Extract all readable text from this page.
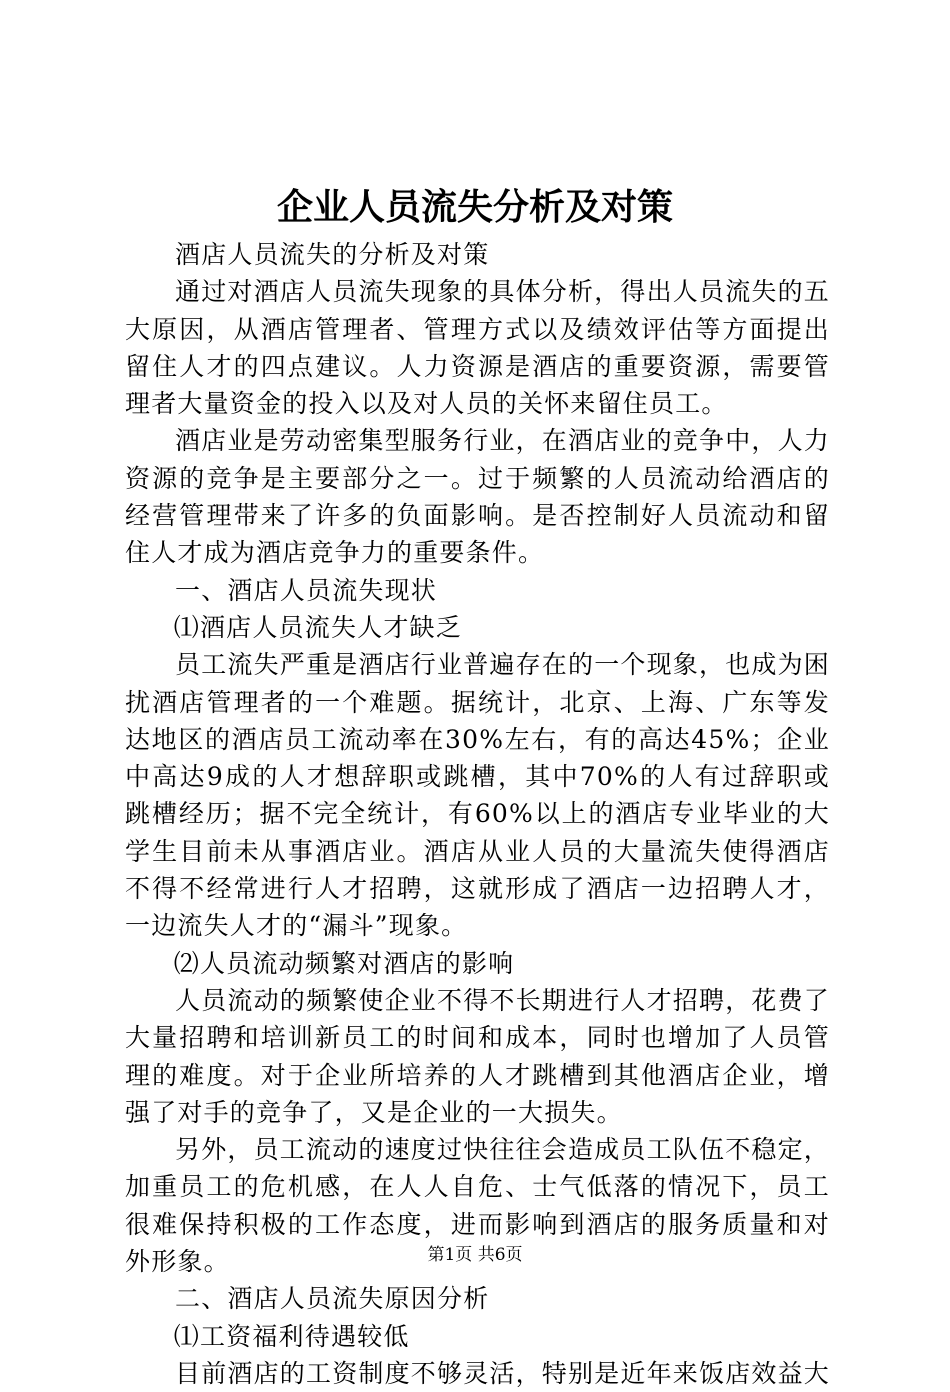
企业人员流失分析及对策

酒店人员流失的分析及对策

通过对酒店人员流失现象的具体分析，得出人员流失的五大原因，从酒店管理者、管理方式以及绩效评估等方面提出留住人才的四点建议。人力资源是酒店的重要资源，需要管理者大量资金的投入以及对人员的关怀来留住员工。

酒店业是劳动密集型服务行业，在酒店业的竞争中，人力资源的竞争是主要部分之一。过于频繁的人员流动给酒店的经营管理带来了许多的负面影响。是否控制好人员流动和留住人才成为酒店竞争力的重要条件。

一、酒店人员流失现状

⑴酒店人员流失人才缺乏

员工流失严重是酒店行业普遍存在的一个现象，也成为困扰酒店管理者的一个难题。据统计，北京、上海、广东等发达地区的酒店员工流动率在30%左右，有的高达45%；企业中高达9成的人才想辞职或跳槽，其中70%的人有过辞职或跳槽经历；据不完全统计，有60%以上的酒店专业毕业的大学生目前未从事酒店业。酒店从业人员的大量流失使得酒店不得不经常进行人才招聘，这就形成了酒店一边招聘人才，一边流失人才的“漏斗”现象。

⑵人员流动频繁对酒店的影响

人员流动的频繁使企业不得不长期进行人才招聘，花费了大量招聘和培训新员工的时间和成本，同时也增加了人员管理的难度。对于企业所培养的人才跳槽到其他酒店企业，增强了对手的竞争了，又是企业的一大损失。

另外，员工流动的速度过快往往会造成员工队伍不稳定，加重员工的危机感，在人人自危、士气低落的情况下，员工很难保持积极的工作态度，进而影响到酒店的服务质量和对外形象。

二、酒店人员流失原因分析

⑴工资福利待遇较低

目前酒店的工资制度不够灵活，特别是近年来饭店效益大

第1页 共6页
